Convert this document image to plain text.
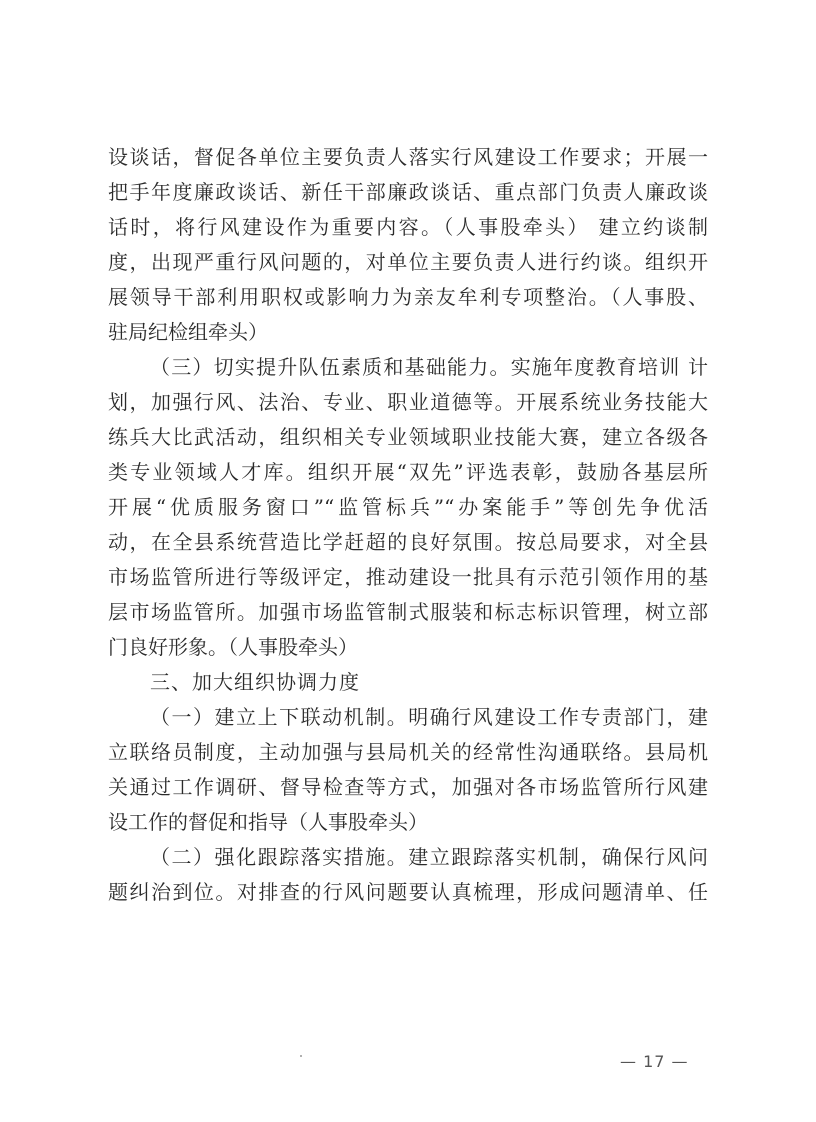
设谈话，督促各单位主要负责人落实行风建设工作要求；开展一
把手年度廉政谈话、新任干部廉政谈话、重点部门负责人廉政谈
话时，将行风建设作为重要内容。（人事股牵头） 建立约谈制
度，出现严重行风问题的，对单位主要负责人进行约谈。组织开
展领导干部利用职权或影响力为亲友牟利专项整治。（人事股、
驻局纪检组牵头）
（三）切实提升队伍素质和基础能力。实施年度教育培训 计
划，加强行风、法治、专业、职业道德等。开展系统业务技能大
练兵大比武活动，组织相关专业领域职业技能大赛，建立各级各
类专业领域人才库。组织开展“双先”评选表彰，鼓励各基层所
开展“优质服务窗口”“监管标兵”“办案能手”等创先争优活
动，在全县系统营造比学赶超的良好氛围。按总局要求，对全县
市场监管所进行等级评定，推动建设一批具有示范引领作用的基
层市场监管所。加强市场监管制式服装和标志标识管理，树立部
门良好形象。（人事股牵头）
三、加大组织协调力度
（一）建立上下联动机制。明确行风建设工作专责部门，建
立联络员制度，主动加强与县局机关的经常性沟通联络。县局机
关通过工作调研、督导检查等方式，加强对各市场监管所行风建
设工作的督促和指导（人事股牵头）
（二）强化跟踪落实措施。建立跟踪落实机制，确保行风问
题纠治到位。对排查的行风问题要认真梳理，形成问题清单、任
— 17 —
